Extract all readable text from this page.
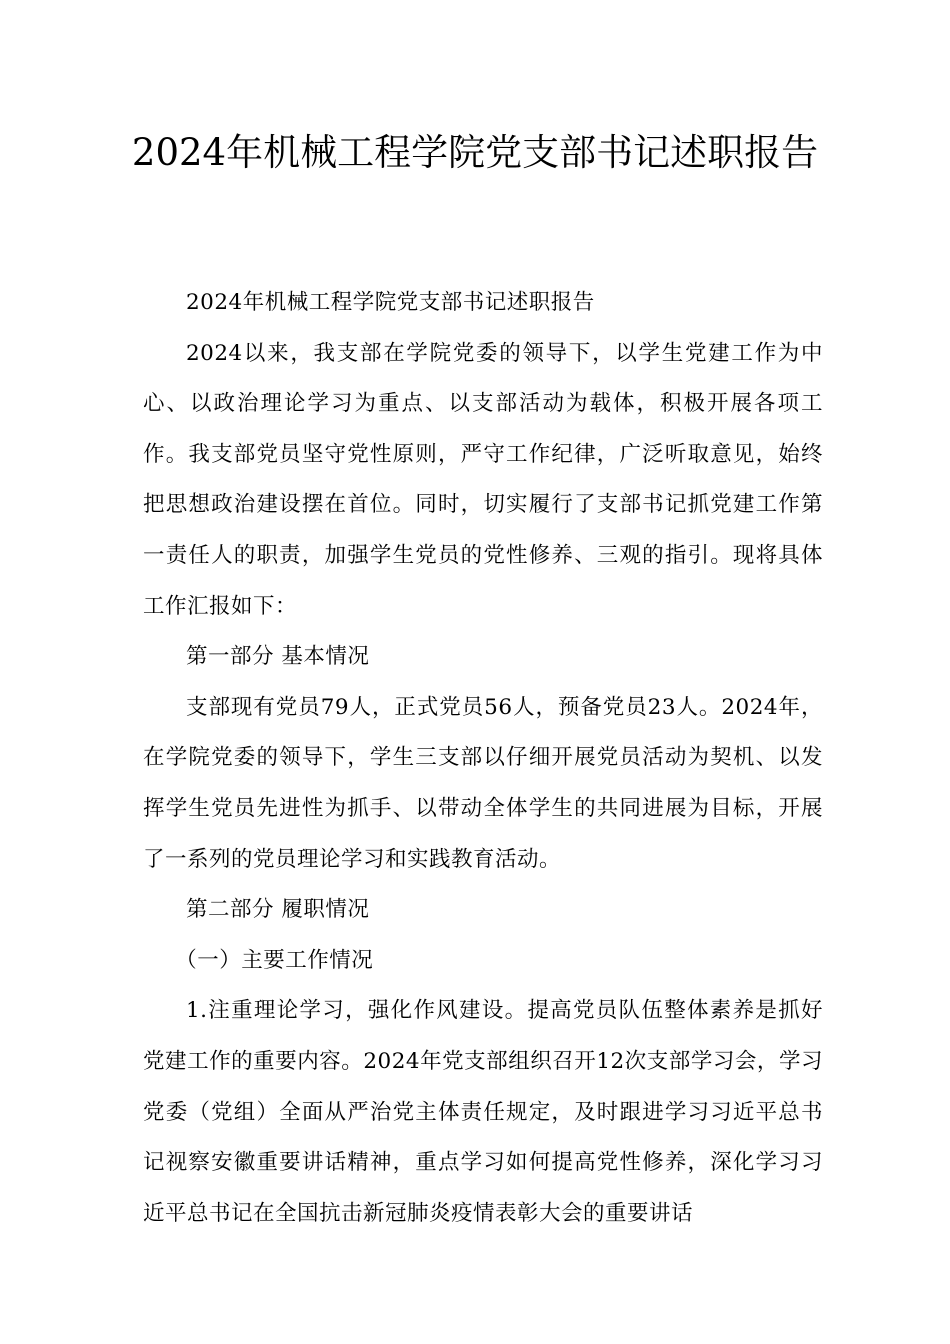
2024年机械工程学院党支部书记述职报告

2024年机械工程学院党支部书记述职报告

2024以来，我支部在学院党委的领导下，以学生党建工作为中心、以政治理论学习为重点、以支部活动为载体，积极开展各项工作。我支部党员坚守党性原则，严守工作纪律，广泛听取意见，始终把思想政治建设摆在首位。同时，切实履行了支部书记抓党建工作第一责任人的职责，加强学生党员的党性修养、三观的指引。现将具体工作汇报如下：

第一部分 基本情况

支部现有党员79人，正式党员56人，预备党员23人。2024年，在学院党委的领导下，学生三支部以仔细开展党员活动为契机、以发挥学生党员先进性为抓手、以带动全体学生的共同进展为目标，开展了一系列的党员理论学习和实践教育活动。

第二部分 履职情况

（一）主要工作情况

1.注重理论学习，强化作风建设。提高党员队伍整体素养是抓好党建工作的重要内容。2024年党支部组织召开12次支部学习会，学习党委（党组）全面从严治党主体责任规定，及时跟进学习习近平总书记视察安徽重要讲话精神，重点学习如何提高党性修养，深化学习习近平总书记在全国抗击新冠肺炎疫情表彰大会的重要讲话
